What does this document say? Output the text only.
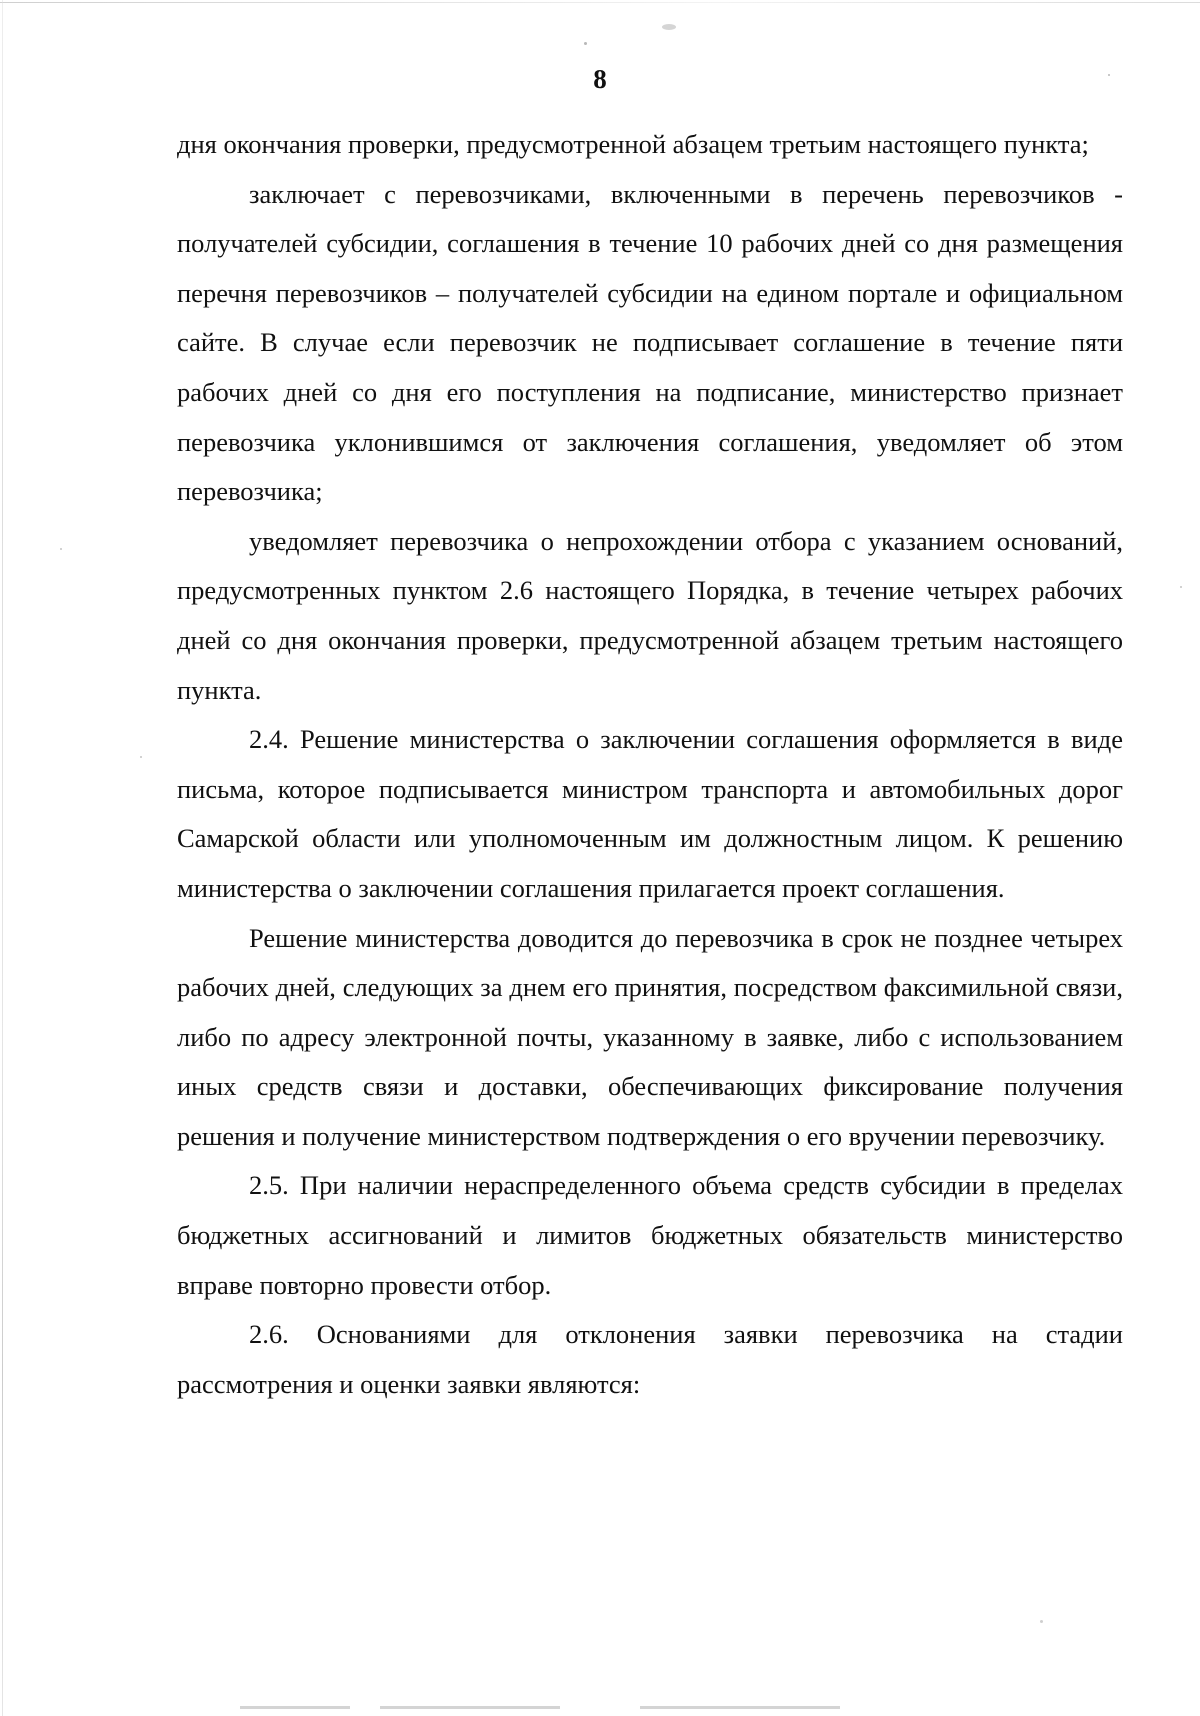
8

дня окончания проверки, предусмотренной абзацем третьим настоящего пункта;

заключает с перевозчиками, включенными в перечень перевозчиков - получателей субсидии, соглашения в течение 10 рабочих дней со дня размещения перечня перевозчиков – получателей субсидии на едином портале и официальном сайте. В случае если перевозчик не подписывает соглашение в течение пяти рабочих дней со дня его поступления на подписание, министерство признает перевозчика уклонившимся от заключения соглашения, уведомляет об этом перевозчика;

уведомляет перевозчика о непрохождении отбора с указанием оснований, предусмотренных пунктом 2.6 настоящего Порядка, в течение четырех рабочих дней со дня окончания проверки, предусмотренной абзацем третьим настоящего пункта.

2.4. Решение министерства о заключении соглашения оформляется в виде письма, которое подписывается министром транспорта и автомобильных дорог Самарской области или уполномоченным им должностным лицом. К решению министерства о заключении соглашения прилагается проект соглашения.

Решение министерства доводится до перевозчика в срок не позднее четырех рабочих дней, следующих за днем его принятия, посредством факсимильной связи, либо по адресу электронной почты, указанному в заявке, либо с использованием иных средств связи и доставки, обеспечивающих фиксирование получения решения и получение министерством подтверждения о его вручении перевозчику.

2.5. При наличии нераспределенного объема средств субсидии в пределах бюджетных ассигнований и лимитов бюджетных обязательств министерство вправе повторно провести отбор.

2.6. Основаниями для отклонения заявки перевозчика на стадии рассмотрения и оценки заявки являются:
